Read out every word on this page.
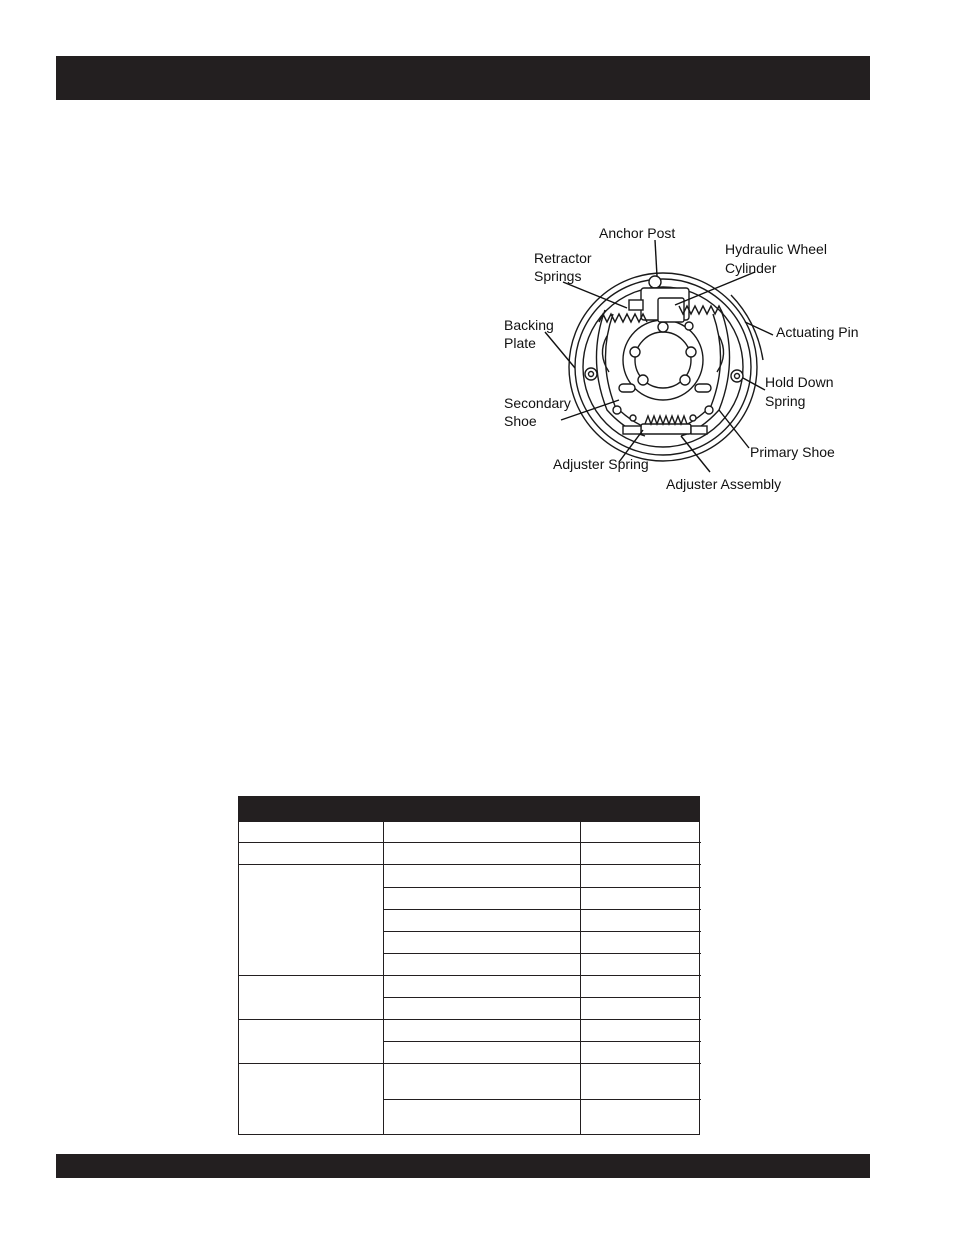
Anchor Post
Hydraulic Wheel
Cylinder
Retractor
Springs
Backing
Plate
Actuating Pin
Hold Down
Spring
Secondary
Shoe
Primary Shoe
Adjuster Spring
Adjuster Assembly
